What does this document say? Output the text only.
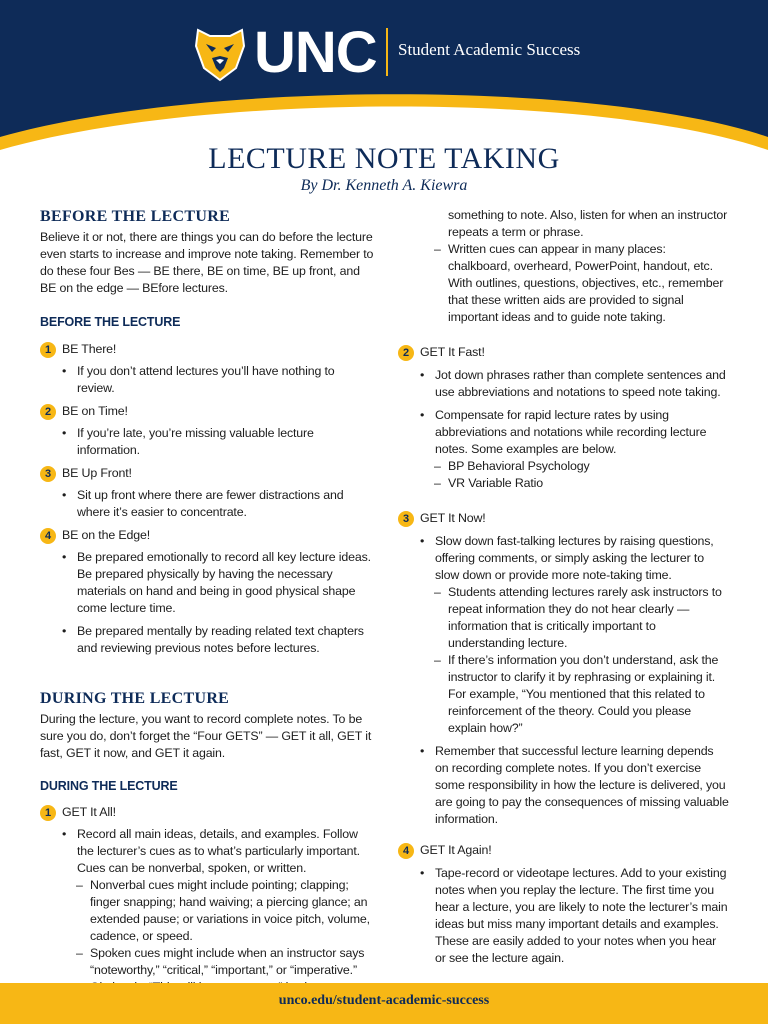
UNC Student Academic Success
LECTURE NOTE TAKING
By Dr. Kenneth A. Kiewra
BEFORE THE LECTURE

Believe it or not, there are things you can do before the lecture even starts to increase and improve note taking. Remember to do these four Bes — BE there, BE on time, BE up front, and BE on the edge — BEfore lectures.

BEFORE THE LECTURE
1 BE There!
• If you don’t attend lectures you’ll have nothing to review.
2 BE on Time!
• If you’re late, you’re missing valuable lecture information.
3 BE Up Front!
• Sit up front where there are fewer distractions and where it’s easier to concentrate.
4 BE on the Edge!
• Be prepared emotionally to record all key lecture ideas. Be prepared physically by having the necessary materials on hand and being in good physical shape come lecture time.
• Be prepared mentally by reading related text chapters and reviewing previous notes before lectures.
DURING THE LECTURE

During the lecture, you want to record complete notes. To be sure you do, don’t forget the “Four GETS” — GET it all, GET it fast, GET it now, and GET it again.

DURING THE LECTURE
1 GET It All!
• Record all main ideas, details, and examples. Follow the lecturer’s cues as to what’s particularly important. Cues can be nonverbal, spoken, or written.
– Nonverbal cues might include pointing; clapping; finger snapping; hand waiving; a piercing glance; an extended pause; or variations in voice pitch, volume, cadence, or speed.
– Spoken cues might include when an instructor says “noteworthy,” “critical,” “important,” or “imperative.”
something to note. Also, listen for when an instructor repeats a term or phrase.
– Written cues can appear in many places: chalkboard, overheard, PowerPoint, handout, etc. With outlines, questions, objectives, etc., remember that these written aids are provided to signal important ideas and to guide note taking.
2 GET It Fast!
• Jot down phrases rather than complete sentences and use abbreviations and notations to speed note taking.
• Compensate for rapid lecture rates by using abbreviations and notations while recording lecture notes. Some examples are below.
– BP Behavioral Psychology
– VR Variable Ratio
3 GET It Now!
• Slow down fast-talking lectures by raising questions, offering comments, or simply asking the lecturer to slow down or provide more note-taking time.
– Students attending lectures rarely ask instructors to repeat information they do not hear clearly — information that is critically important to understanding lecture.
– If there’s information you don’t understand, ask the instructor to clarify it by rephrasing or explaining it. For example, “You mentioned that this related to reinforcement of the theory. Could you please explain how?”
• Remember that successful lecture learning depends on recording complete notes. If you don’t exercise some responsibility in how the lecture is delivered, you are going to pay the consequences of missing valuable information.
4 GET It Again!
• Tape-record or videotape lectures. Add to your existing notes when you replay the lecture. The first time you hear a lecture, you are likely to note the lecturer’s main ideas but miss many important details and examples. These are easily added to your notes when you hear or see the lecture again.
unco.edu/student-academic-success
